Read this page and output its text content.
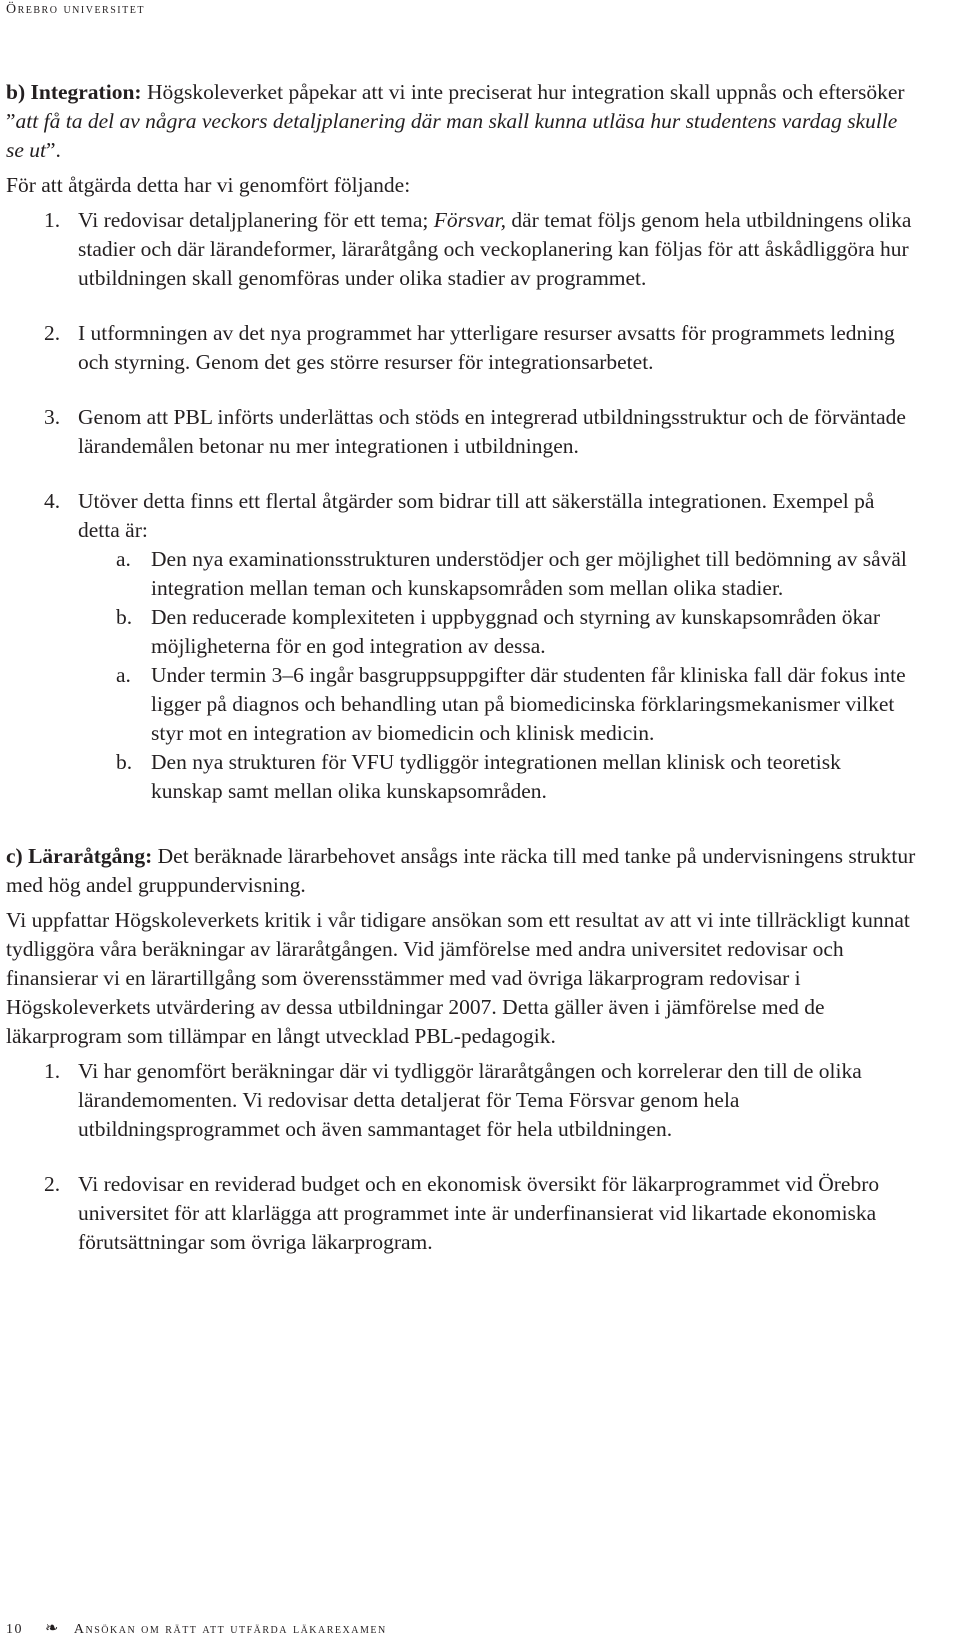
Örebro universitet

b) Integration: Högskoleverket påpekar att vi inte preciserat hur integration skall uppnås och eftersöker ”att få ta del av några veckors detaljplanering där man skall kunna utläsa hur studentens vardag skulle se ut”.

För att åtgärda detta har vi genomfört följande:

1. Vi redovisar detaljplanering för ett tema; Försvar, där temat följs genom hela utbildningens olika stadier och där lärandeformer, läraråtgång och veckoplanering kan följas för att åskådliggöra hur utbildningen skall genomföras under olika stadier av programmet.
2. I utformningen av det nya programmet har ytterligare resurser avsatts för programmets ledning och styrning. Genom det ges större resurser för integrationsarbetet.
3. Genom att PBL införts underlättas och stöds en integrerad utbildningsstruktur och de förväntade lärandemålen betonar nu mer integrationen i utbildningen.
4. Utöver detta finns ett flertal åtgärder som bidrar till att säkerställa integrationen. Exempel på detta är:
a. Den nya examinationsstrukturen understödjer och ger möjlighet till bedömning av såväl integration mellan teman och kunskapsområden som mellan olika stadier.
b. Den reducerade komplexiteten i uppbyggnad och styrning av kunskapsområden ökar möjligheterna för en god integration av dessa.
a. Under termin 3–6 ingår basgruppsuppgifter där studenten får kliniska fall där fokus inte ligger på diagnos och behandling utan på biomedicinska förklaringsmekanismer vilket styr mot en integration av biomedicin och klinisk medicin.
b. Den nya strukturen för VFU tydliggör integrationen mellan klinisk och teoretisk kunskap samt mellan olika kunskapsområden.

c) Läraråtgång: Det beräknade lärarbehovet ansågs inte räcka till med tanke på undervisningens struktur med hög andel gruppundervisning.

Vi uppfattar Högskoleverkets kritik i vår tidigare ansökan som ett resultat av att vi inte tillräckligt kunnat tydliggöra våra beräkningar av läraråtgången. Vid jämförelse med andra universitet redovisar och finansierar vi en lärartillgång som överensstämmer med vad övriga läkarprogram redovisar i Högskoleverkets utvärdering av dessa utbildningar 2007. Detta gäller även i jämförelse med de läkarprogram som tillämpar en långt utvecklad PBL-pedagogik.

1. Vi har genomfört beräkningar där vi tydliggör läraråtgången och korrelerar den till de olika lärandemomenten. Vi redovisar detta detaljerat för Tema Försvar genom hela utbildningsprogrammet och även sammantaget för hela utbildningen.
2. Vi redovisar en reviderad budget och en ekonomisk översikt för läkarprogrammet vid Örebro universitet för att klarlägga att programmet inte är underfinansierat vid likartade ekonomiska förutsättningar som övriga läkarprogram.
10 ❧ Ansökan om rätt att utfärda läkarexamen
